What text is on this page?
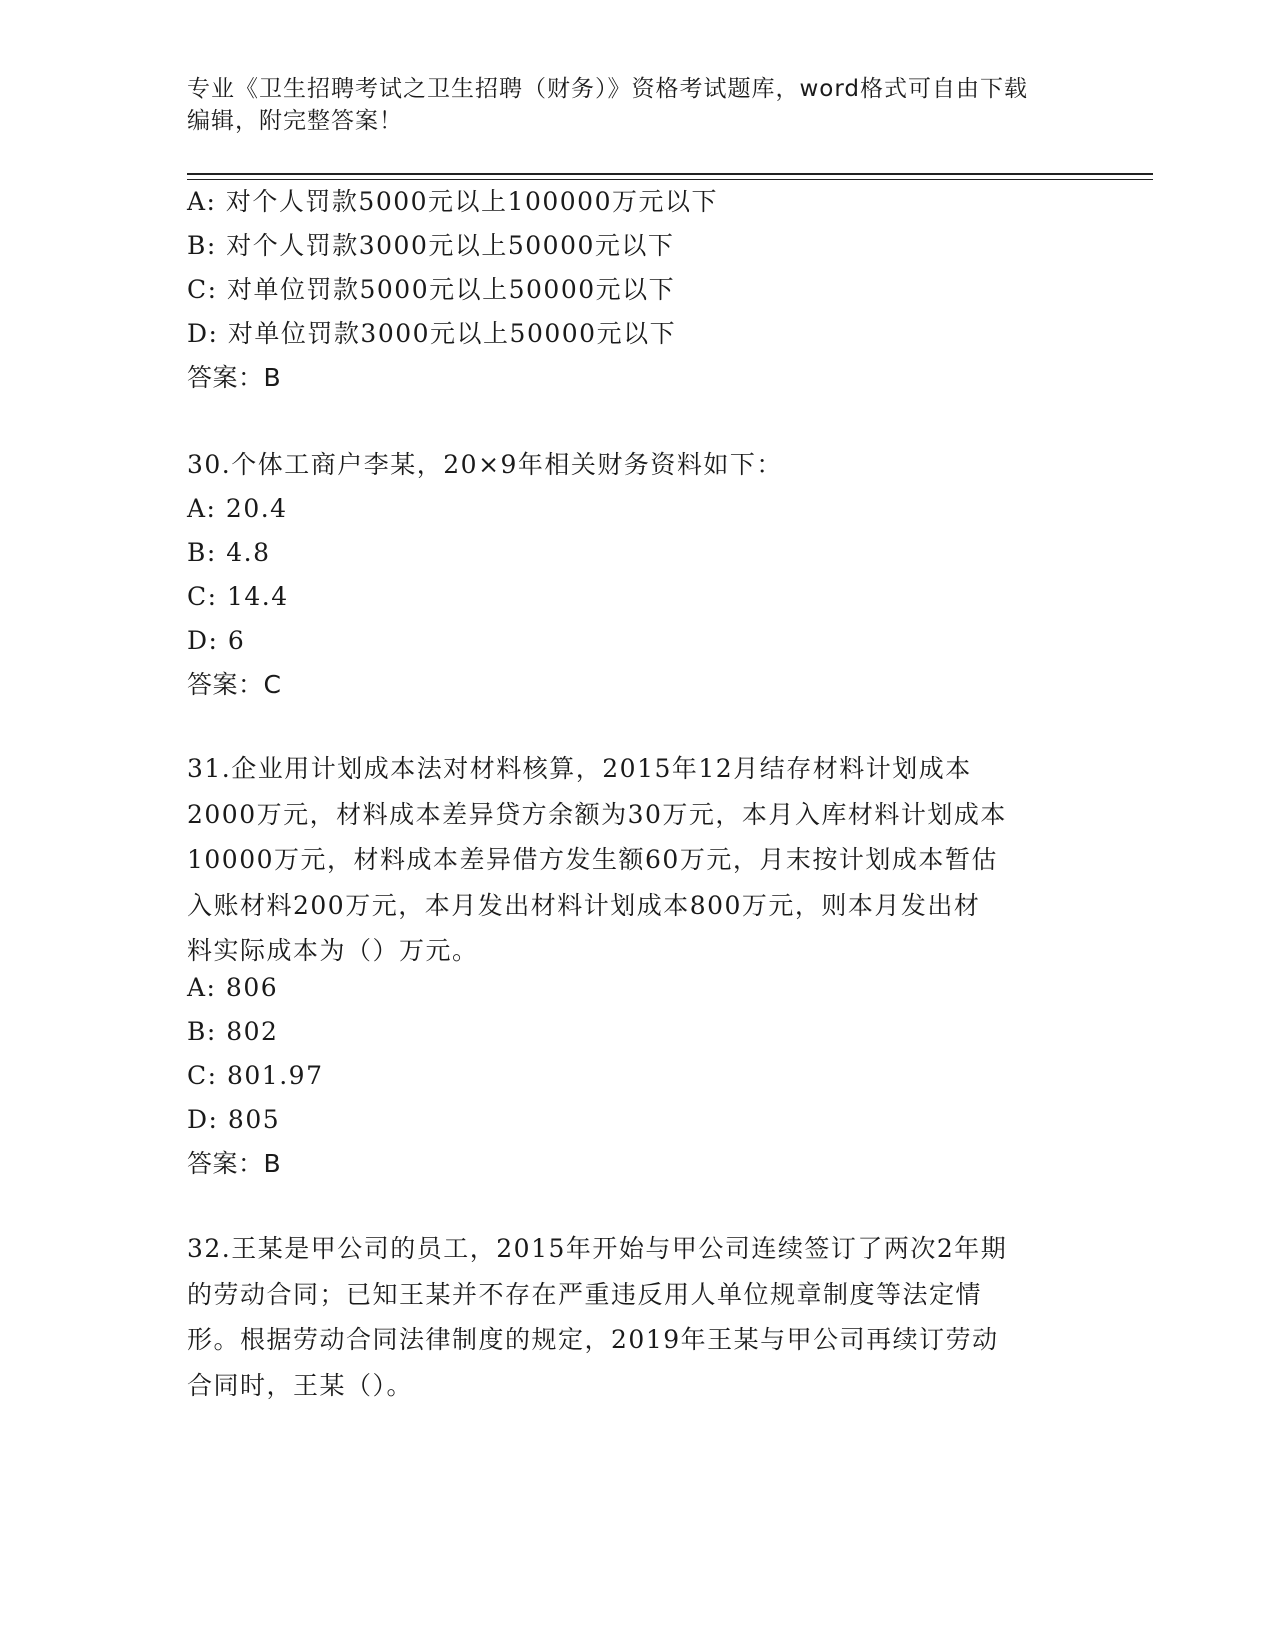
专业《卫生招聘考试之卫生招聘（财务）》资格考试题库，word格式可自由下载
编辑，附完整答案！
A: 对个人罚款5000元以上100000万元以下
B: 对个人罚款3000元以上50000元以下
C: 对单位罚款5000元以上50000元以下
D: 对单位罚款3000元以上50000元以下
答案：B
30.个体工商户李某，20×9年相关财务资料如下：
A: 20.4
B: 4.8
C: 14.4
D: 6
答案：C
31.企业用计划成本法对材料核算，2015年12月结存材料计划成本
2000万元，材料成本差异贷方余额为30万元，本月入库材料计划成本
10000万元，材料成本差异借方发生额60万元，月末按计划成本暂估
入账材料200万元，本月发出材料计划成本800万元，则本月发出材
料实际成本为（）万元。
A: 806
B: 802
C: 801.97
D: 805
答案：B
32.王某是甲公司的员工，2015年开始与甲公司连续签订了两次2年期
的劳动合同；已知王某并不存在严重违反用人单位规章制度等法定情
形。根据劳动合同法律制度的规定，2019年王某与甲公司再续订劳动
合同时，王某（）。
